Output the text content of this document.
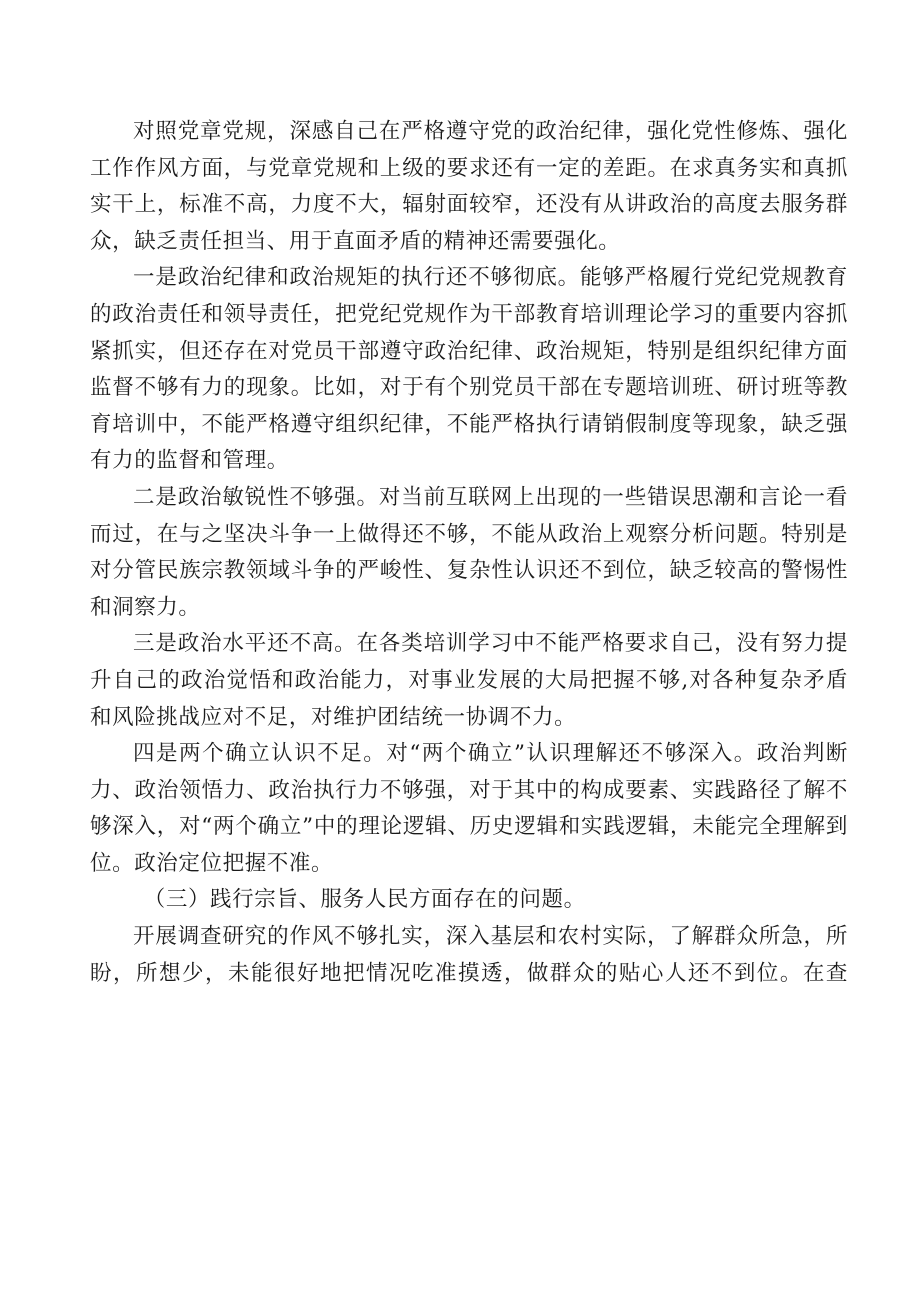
对照党章党规，深感自己在严格遵守党的政治纪律，强化党性修炼、强化工作作风方面，与党章党规和上级的要求还有一定的差距。在求真务实和真抓实干上，标准不高，力度不大，辐射面较窄，还没有从讲政治的高度去服务群众，缺乏责任担当、用于直面矛盾的精神还需要强化。

一是政治纪律和政治规矩的执行还不够彻底。能够严格履行党纪党规教育的政治责任和领导责任，把党纪党规作为干部教育培训理论学习的重要内容抓紧抓实，但还存在对党员干部遵守政治纪律、政治规矩，特别是组织纪律方面监督不够有力的现象。比如，对于有个别党员干部在专题培训班、研讨班等教育培训中，不能严格遵守组织纪律，不能严格执行请销假制度等现象，缺乏强有力的监督和管理。

二是政治敏锐性不够强。对当前互联网上出现的一些错误思潮和言论一看而过，在与之坚决斗争一上做得还不够，不能从政治上观察分析问题。特别是对分管民族宗教领域斗争的严峻性、复杂性认识还不到位，缺乏较高的警惕性和洞察力。

三是政治水平还不高。在各类培训学习中不能严格要求自己，没有努力提升自己的政治觉悟和政治能力，对事业发展的大局把握不够,对各种复杂矛盾和风险挑战应对不足，对维护团结统一协调不力。

四是两个确立认识不足。对“两个确立”认识理解还不够深入。政治判断力、政治领悟力、政治执行力不够强，对于其中的构成要素、实践路径了解不够深入，对“两个确立”中的理论逻辑、历史逻辑和实践逻辑，未能完全理解到位。政治定位把握不准。

（三）践行宗旨、服务人民方面存在的问题。

开展调查研究的作风不够扎实，深入基层和农村实际，了解群众所急，所盼，所想少，未能很好地把情况吃准摸透，做群众的贴心人还不到位。在查
